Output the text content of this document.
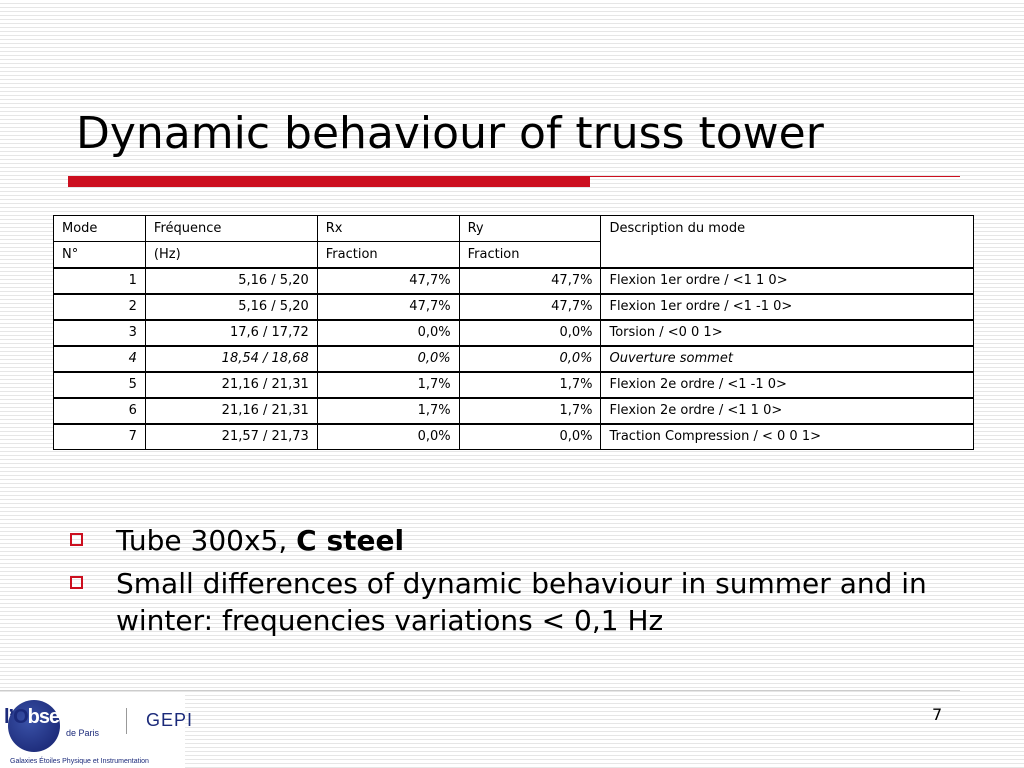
Dynamic behaviour of truss tower
Mode	Fréquence	Rx	Ry	Description du mode
N°	(Hz)	Fraction	Fraction	
1	5,16 / 5,20	47,7%	47,7%	Flexion 1er ordre / <1 1 0>
2	5,16 / 5,20	47,7%	47,7%	Flexion 1er ordre / <1 -1 0>
3	17,6 / 17,72	0,0%	0,0%	Torsion / <0 0 1>
4	18,54 / 18,68	0,0%	0,0%	Ouverture sommet
5	21,16 / 21,31	1,7%	1,7%	Flexion 2e ordre / <1 -1 0>
6	21,16 / 21,31	1,7%	1,7%	Flexion 2e ordre / <1 1 0>
7	21,57 / 21,73	0,0%	0,0%	Traction Compression / < 0 0 1>
Tube 300x5, C steel
Small differences of dynamic behaviour in summer and in winter: frequencies variations < 0,1 Hz
7
l’Observatoire
de Paris
GEPI
Galaxies Étoiles Physique et Instrumentation
